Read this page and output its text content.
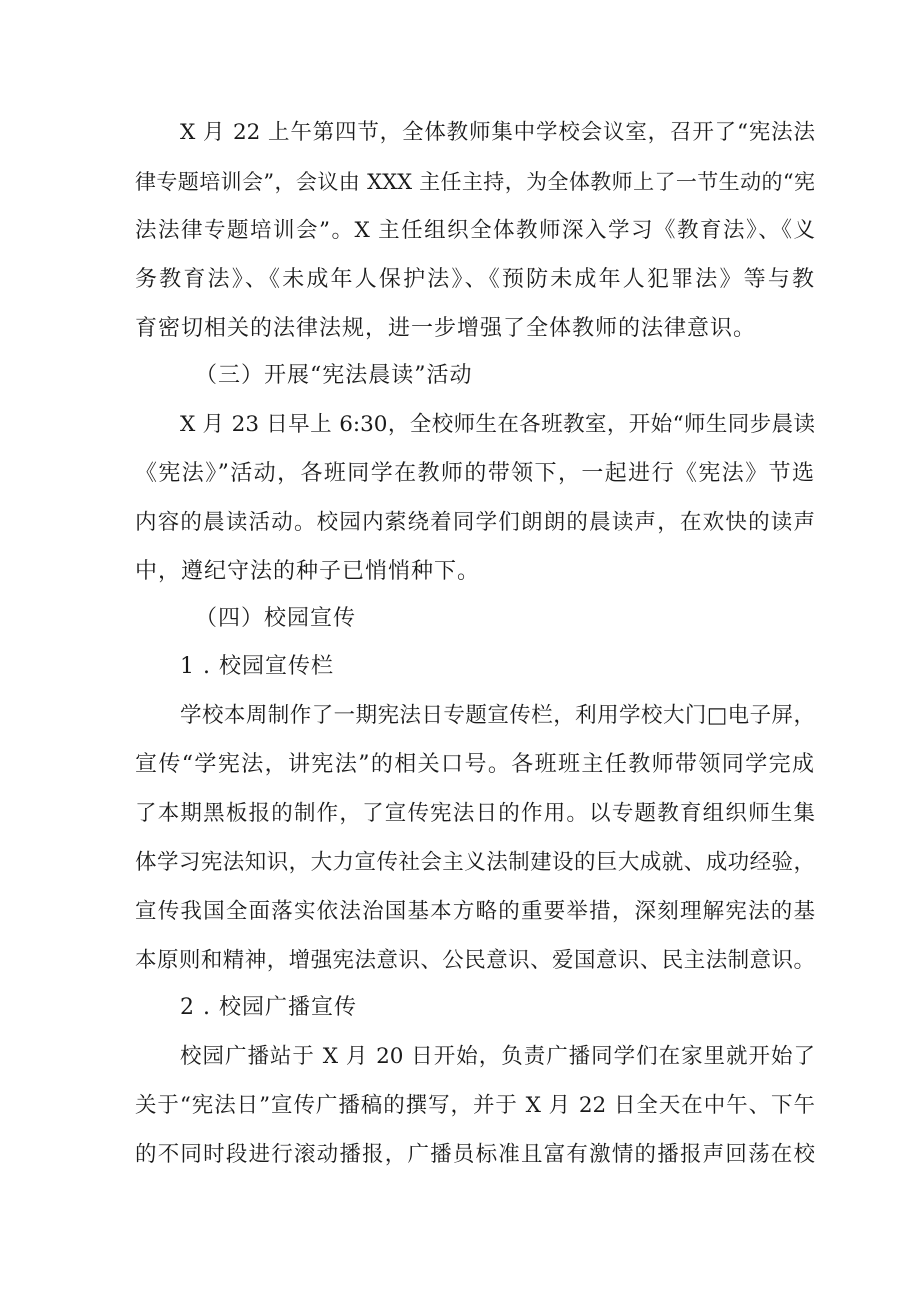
X 月 22 上午第四节，全体教师集中学校会议室，召开了“宪法法
律专题培训会”，会议由 XXX 主任主持，为全体教师上了一节生动的“宪
法法律专题培训会”。X 主任组织全体教师深入学习《教育法》、《义
务教育法》、《未成年人保护法》、《预防未成年人犯罪法》等与教
育密切相关的法律法规，进一步增强了全体教师的法律意识。
（三）开展“宪法晨读”活动
X 月 23 日早上 6:30，全校师生在各班教室，开始“师生同步晨读
《宪法》”活动，各班同学在教师的带领下，一起进行《宪法》节选
内容的晨读活动。校园内萦绕着同学们朗朗的晨读声，在欢快的读声
中，遵纪守法的种子已悄悄种下。
（四）校园宣传
1 . 校园宣传栏
学校本周制作了一期宪法日专题宣传栏，利用学校大门□电子屏，
宣传“学宪法，讲宪法”的相关口号。各班班主任教师带领同学完成
了本期黑板报的制作，了宣传宪法日的作用。以专题教育组织师生集
体学习宪法知识，大力宣传社会主义法制建设的巨大成就、成功经验，
宣传我国全面落实依法治国基本方略的重要举措，深刻理解宪法的基
本原则和精神，增强宪法意识、公民意识、爱国意识、民主法制意识。
2 . 校园广播宣传
校园广播站于 X 月 20 日开始，负责广播同学们在家里就开始了
关于“宪法日”宣传广播稿的撰写，并于 X 月 22 日全天在中午、下午
的不同时段进行滚动播报，广播员标准且富有激情的播报声回荡在校
